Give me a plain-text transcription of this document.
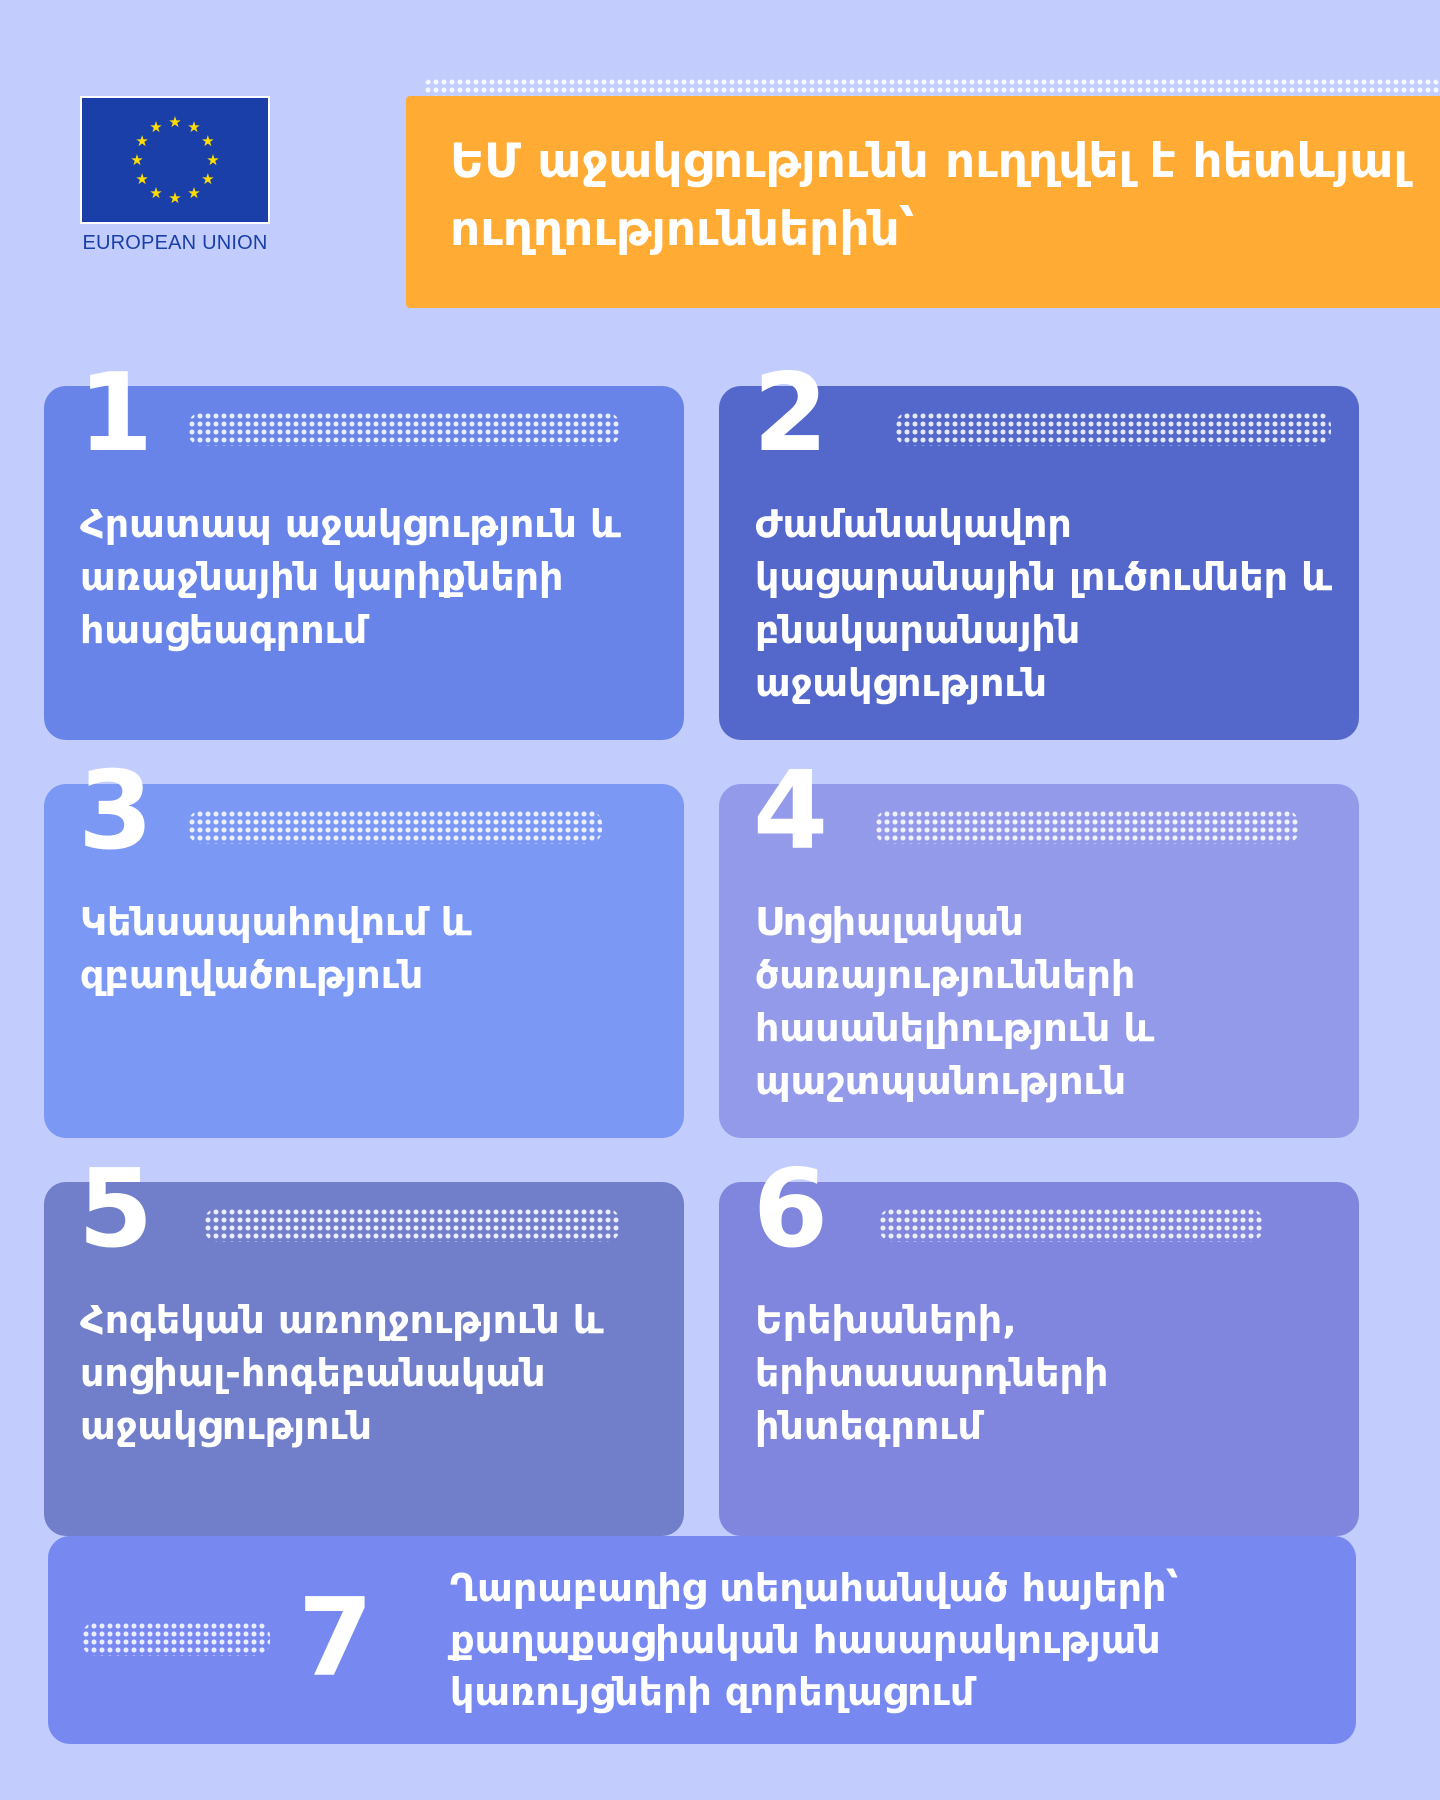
★ ★
★
★
★
★
★
★
★
★
★
★
EUROPEAN UNION
ԵՄ աջակցությունն ուղղվել է հետևյալ ուղղություններին՝
1

Հրատապ աջակցություն և առաջնային կարիքների հասցեագրում

2

Ժամանակավոր կացարանային լուծումներ և բնակարանային աջակցություն

3

Կենսապահովում և զբաղվածություն

4

Սոցիալական ծառայությունների հասանելիություն և պաշտպանություն

5

Հոգեկան առողջություն և սոցիալ-հոգեբանական աջակցություն

6

Երեխաների, երիտասարդների ինտեգրում

7 Ղարաբաղից տեղահանված հայերի՝ քաղաքացիական հասարակության կառույցների զորեղացում
